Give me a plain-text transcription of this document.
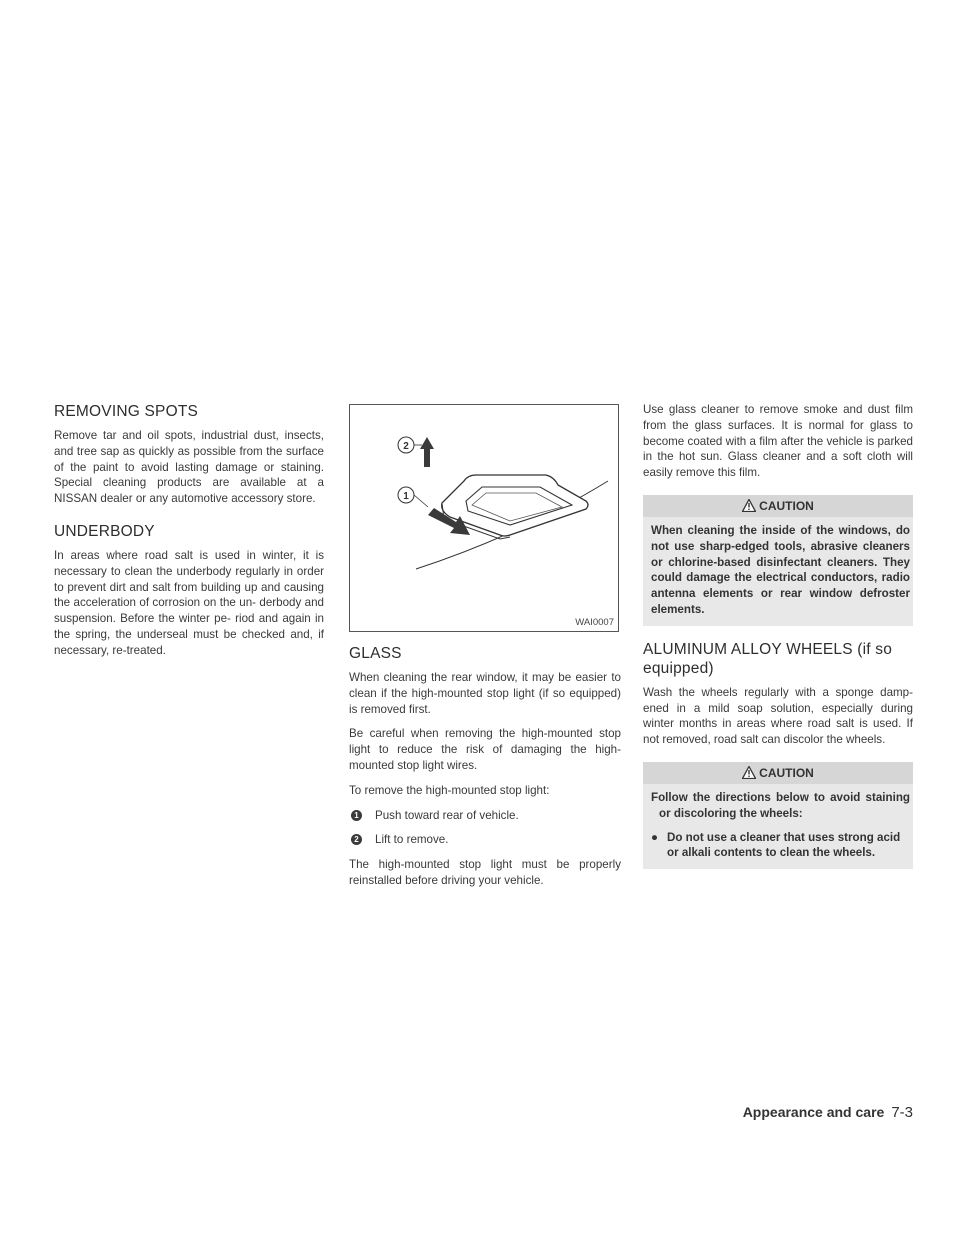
REMOVING SPOTS

Remove tar and oil spots, industrial dust, insects, and tree sap as quickly as possible from the surface of the paint to avoid lasting damage or staining. Special cleaning products are available at a NISSAN dealer or any automotive accessory store.

UNDERBODY

In areas where road salt is used in winter, it is necessary to clean the underbody regularly in order to prevent dirt and salt from building up and causing the acceleration of corrosion on the un- derbody and suspension. Before the winter pe- riod and again in the spring, the underseal must be checked and, if necessary, re-treated.

2
1
WAI0007
GLASS

When cleaning the rear window, it may be easier to clean if the high-mounted stop light (if so equipped) is removed first.

Be careful when removing the high-mounted stop light to reduce the risk of damaging the high-mounted stop light wires.

To remove the high-mounted stop light:

1 Push toward rear of vehicle.
2 Lift to remove.

The high-mounted stop light must be properly reinstalled before driving your vehicle.

Use glass cleaner to remove smoke and dust film from the glass surfaces. It is normal for glass to become coated with a film after the vehicle is parked in the hot sun. Glass cleaner and a soft cloth will easily remove this film.

CAUTION

When cleaning the inside of the windows, do not use sharp-edged tools, abrasive cleaners or chlorine-based disinfectant cleaners. They could damage the electrical conductors, radio antenna elements or rear window defroster elements.

ALUMINUM ALLOY WHEELS (if so equipped)

Wash the wheels regularly with a sponge damp- ened in a mild soap solution, especially during winter months in areas where road salt is used. If not removed, road salt can discolor the wheels.

CAUTION

Follow the directions below to avoid staining or discoloring the wheels:

● Do not use a cleaner that uses strong acid or alkali contents to clean the wheels.
Appearance and care 7-3
